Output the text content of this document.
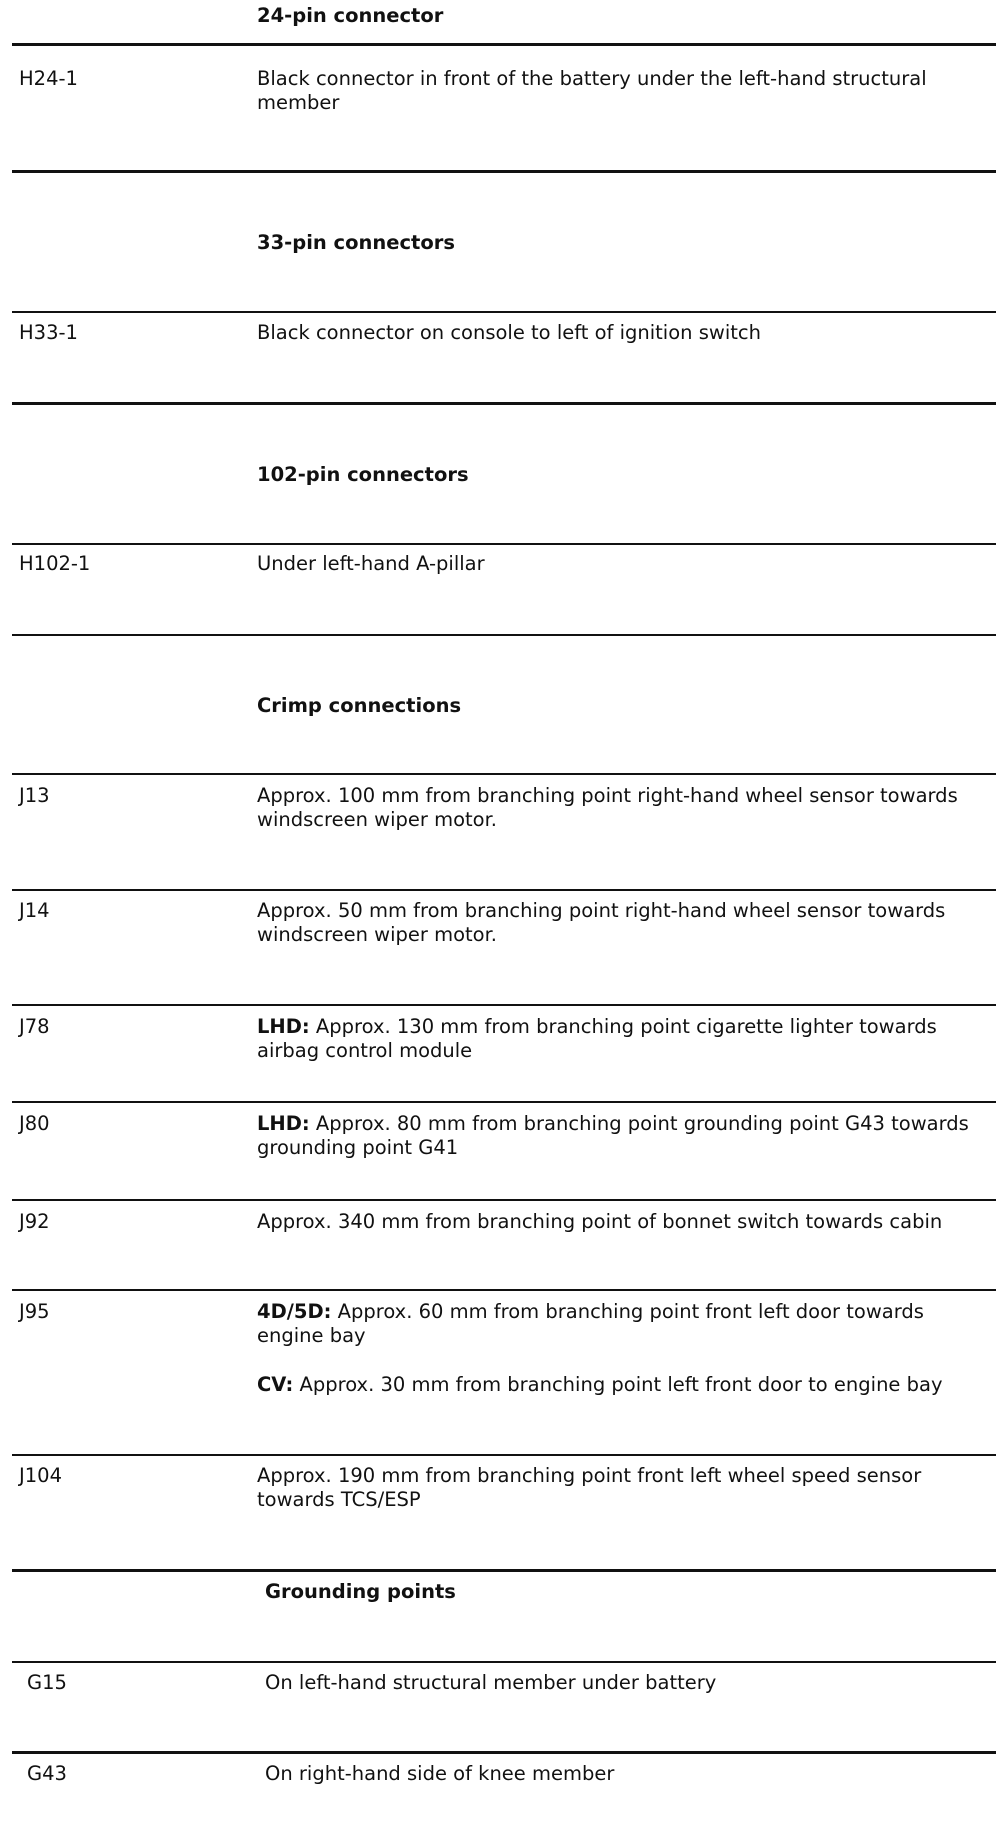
24-pin connector
H24-1	Black connector in front of the battery under the left-hand structural member
33-pin connectors
H33-1	Black connector on console to left of ignition switch
102-pin connectors
H102-1	Under left-hand A-pillar
Crimp connections
J13	Approx. 100 mm from branching point right-hand wheel sensor towards windscreen wiper motor.
J14	Approx. 50 mm from branching point right-hand wheel sensor towards windscreen wiper motor.
J78	LHD: Approx. 130 mm from branching point cigarette lighter towards airbag control module
J80	LHD: Approx. 80 mm from branching point grounding point G43 towards grounding point G41
J92	Approx. 340 mm from branching point of bonnet switch towards cabin
J95	4D/5D: Approx. 60 mm from branching point front left door towards engine bay

CV: Approx. 30 mm from branching point left front door to engine bay

J104	Approx. 190 mm from branching point front left wheel speed sensor towards TCS/ESP
Grounding points
G15	On left-hand structural member under battery
G43	On right-hand side of knee member
